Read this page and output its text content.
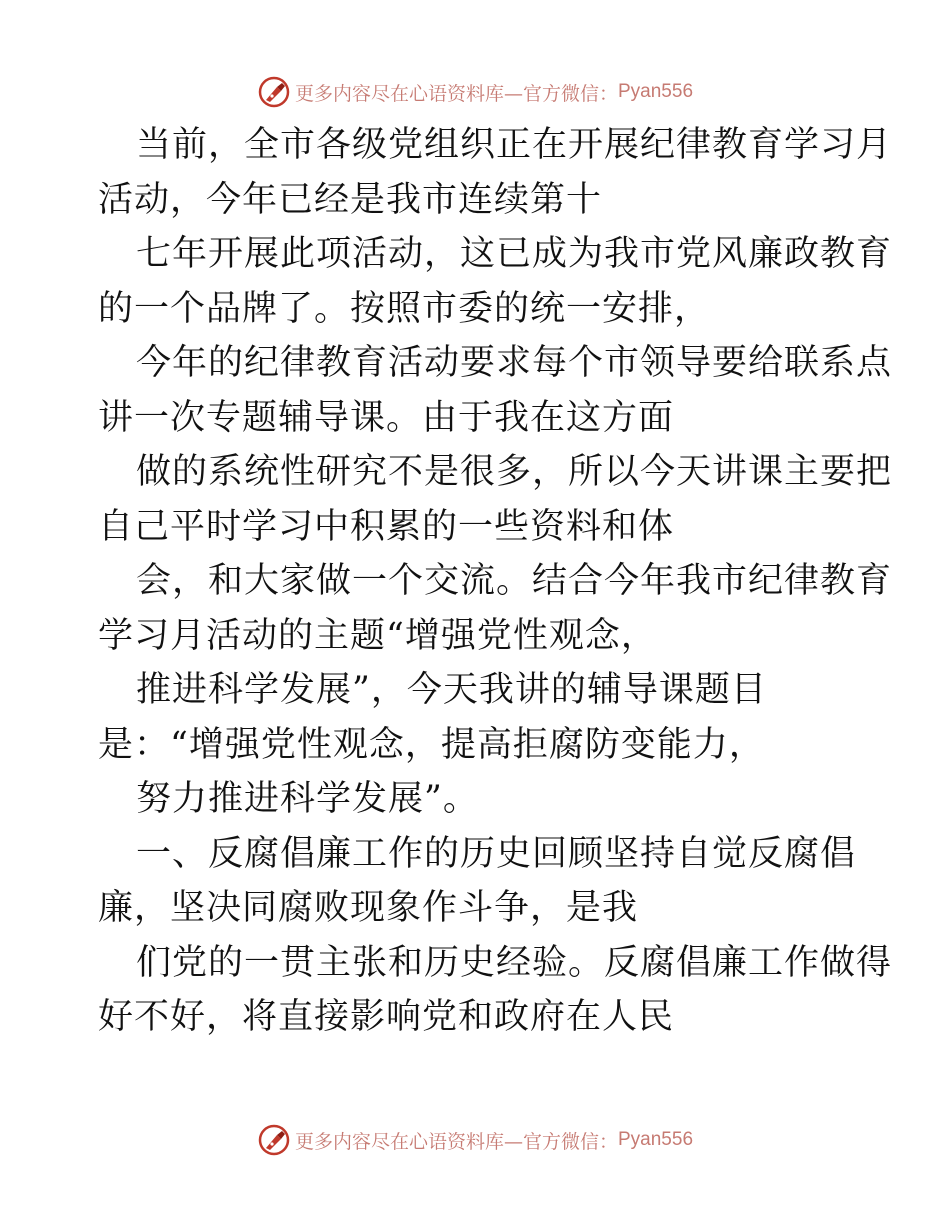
更多内容尽在心语资料库—官方微信： Pyan556
当前，全市各级党组织正在开展纪律教育学习月
活动，今年已经是我市连续第十
七年开展此项活动，这已成为我市党风廉政教育
的一个品牌了。按照市委的统一安排，
今年的纪律教育活动要求每个市领导要给联系点
讲一次专题辅导课。由于我在这方面
做的系统性研究不是很多，所以今天讲课主要把
自己平时学习中积累的一些资料和体
会，和大家做一个交流。结合今年我市纪律教育
学习月活动的主题“增强党性观念，
推进科学发展”，今天我讲的辅导课题目
是：“增强党性观念，提高拒腐防变能力，
努力推进科学发展”。
一、反腐倡廉工作的历史回顾坚持自觉反腐倡
廉，坚决同腐败现象作斗争，是我
们党的一贯主张和历史经验。反腐倡廉工作做得
好不好，将直接影响党和政府在人民
更多内容尽在心语资料库—官方微信： Pyan556
